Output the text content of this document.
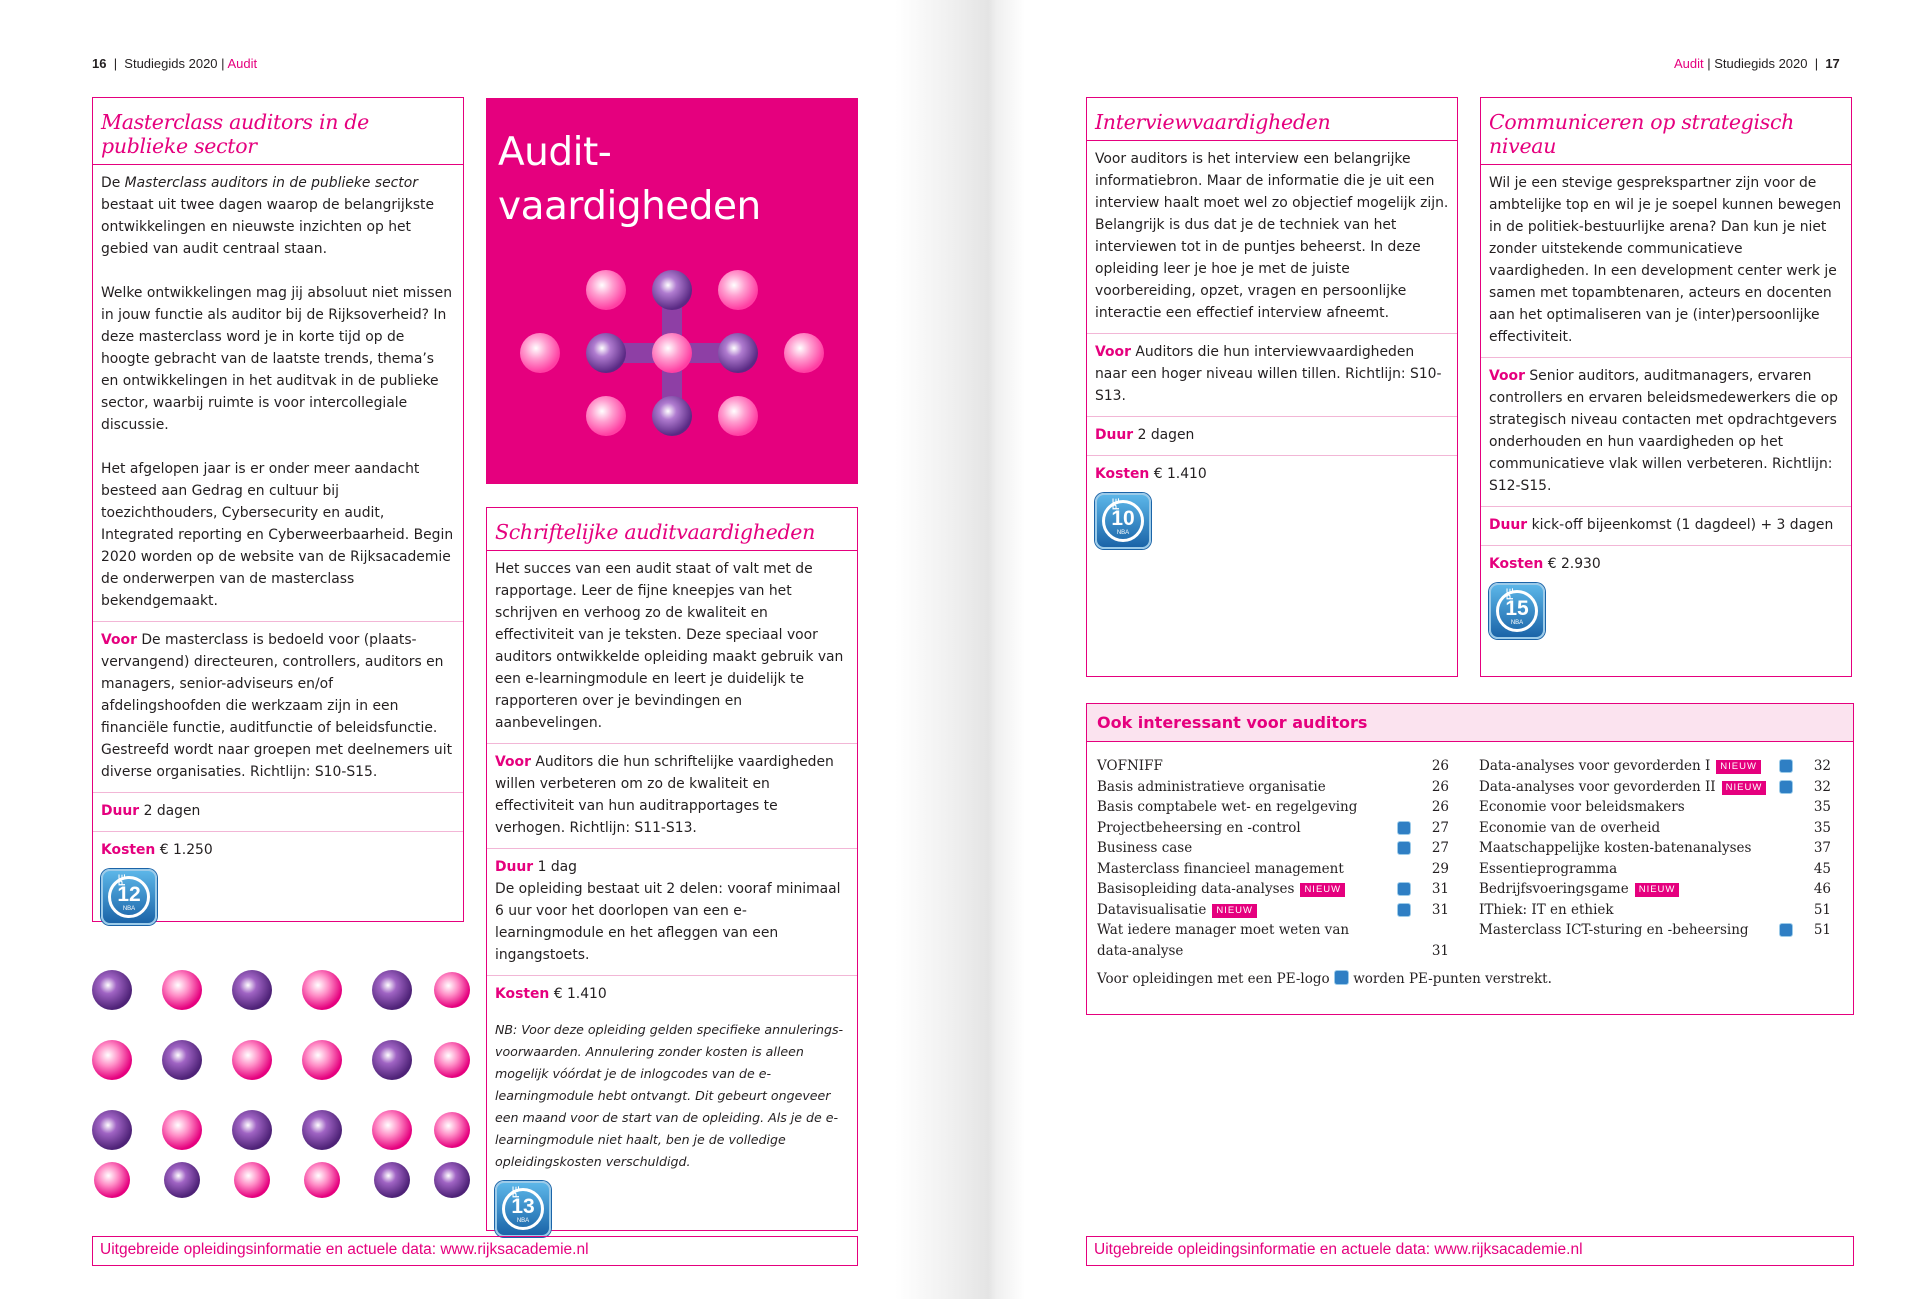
16  |  Studiegids 2020 | Audit
Masterclass auditors in de publieke sector

De Masterclass auditors in de publieke sector bestaat uit twee dagen waarop de belangrijkste ontwikkelingen en nieuwste inzichten op het gebied van audit centraal staan.

Welke ontwikkelingen mag jij absoluut niet missen in jouw functie als auditor bij de Rijksoverheid? In deze masterclass word je in korte tijd op de hoogte gebracht van de laatste trends, thema’s en ontwikkelingen in het auditvak in de publieke sector, waarbij ruimte is voor intercollegiale discussie.

Het afgelopen jaar is er onder meer aandacht besteed aan Gedrag en cultuur bij toezichthouders, Cybersecurity en audit, Integrated reporting en Cyberweerbaarheid. Begin 2020 worden op de website van de Rijksacademie de onderwerpen van de masterclass bekendgemaakt.

Voor De masterclass is bedoeld voor (plaats-vervangend) directeuren, controllers, auditors en managers, senior-adviseurs en/of afdelingshoofden die werkzaam zijn in een financiële functie, auditfunctie of beleidsfunctie. Gestreefd wordt naar groepen met deelnemers uit diverse organisaties. Richtlijn: S10-S15.
Duur 2 dagen
Kosten € 1.250
PE
12
NBA
Audit-
vaardigheden
Schriftelijke auditvaardigheden
Het succes van een audit staat of valt met de rapportage. Leer de fijne kneepjes van het schrijven en verhoog zo de kwaliteit en effectiviteit van je teksten. Deze speciaal voor auditors ontwikkelde opleiding maakt gebruik van een e-learningmodule en leert je duidelijk te rapporteren over je bevindingen en aanbevelingen.
Voor Auditors die hun schriftelijke vaardigheden willen verbeteren om zo de kwaliteit en effectiviteit van hun auditrapportages te verhogen. Richtlijn: S11-S13.
Duur 1 dag
De opleiding bestaat uit 2 delen: vooraf minimaal 6 uur voor het doorlopen van een e-learningmodule en het afleggen van een ingangstoets.
Kosten € 1.410
NB: Voor deze opleiding gelden specifieke annulerings-voorwaarden. Annulering zonder kosten is alleen mogelijk vóórdat je de inlogcodes van de e-learningmodule hebt ontvangt. Dit gebeurt ongeveer een maand voor de start van de opleiding. Als je de e-learningmodule niet haalt, ben je de volledige opleidingskosten verschuldigd.
PE
13
NBA
Uitgebreide opleidingsinformatie en actuele data: www.rijksacademie.nl
Audit | Studiegids 2020  |  17
Interviewvaardigheden
Voor auditors is het interview een belangrijke informatiebron. Maar de informatie die je uit een interview haalt moet wel zo objectief mogelijk zijn. Belangrijk is dus dat je de techniek van het interviewen tot in de puntjes beheerst. In deze opleiding leer je hoe je met de juiste voorbereiding, opzet, vragen en persoonlijke interactie een effectief interview afneemt.
Voor Auditors die hun interviewvaardigheden naar een hoger niveau willen tillen. Richtlijn: S10-S13.
Duur 2 dagen
Kosten € 1.410
PE
10
NBA
Communiceren op strategisch niveau
Wil je een stevige gesprekspartner zijn voor de ambtelijke top en wil je je soepel kunnen bewegen in de politiek-bestuurlijke arena? Dan kun je niet zonder uitstekende communicatieve vaardigheden. In een development center werk je samen met topambtenaren, acteurs en docenten aan het optimaliseren van je (inter)persoonlijke effectiviteit.
Voor Senior auditors, auditmanagers, ervaren controllers en ervaren beleidsmedewerkers die op strategisch niveau contacten met opdrachtgevers onderhouden en hun vaardigheden op het communicatieve vlak willen verbeteren. Richtlijn: S12-S15.
Duur kick-off bijeenkomst (1 dagdeel) + 3 dagen
Kosten € 2.930
PE
15
NBA
Ook interessant voor auditors
VOFNIFF	26
Basis administratieve organisatie	26
Basis comptabele wet- en regelgeving	26
Projectbeheersing en -control	27
Business case	27
Masterclass financieel management	29
Basisopleiding data-analyses NIEUW	31
Datavisualisatie NIEUW	31
Wat iedere manager moet weten van
data-analyse	31
Data-analyses voor gevorderden I NIEUW	32
Data-analyses voor gevorderden II NIEUW	32
Economie voor beleidsmakers	35
Economie van de overheid	35
Maatschappelijke kosten-batenanalyses	37
Essentieprogramma	45
Bedrijfsvoeringsgame NIEUW	46
IThiek: IT en ethiek	51
Masterclass ICT-sturing en -beheersing	51
Voor opleidingen met een PE-logo  worden PE-punten verstrekt.
Uitgebreide opleidingsinformatie en actuele data: www.rijksacademie.nl
